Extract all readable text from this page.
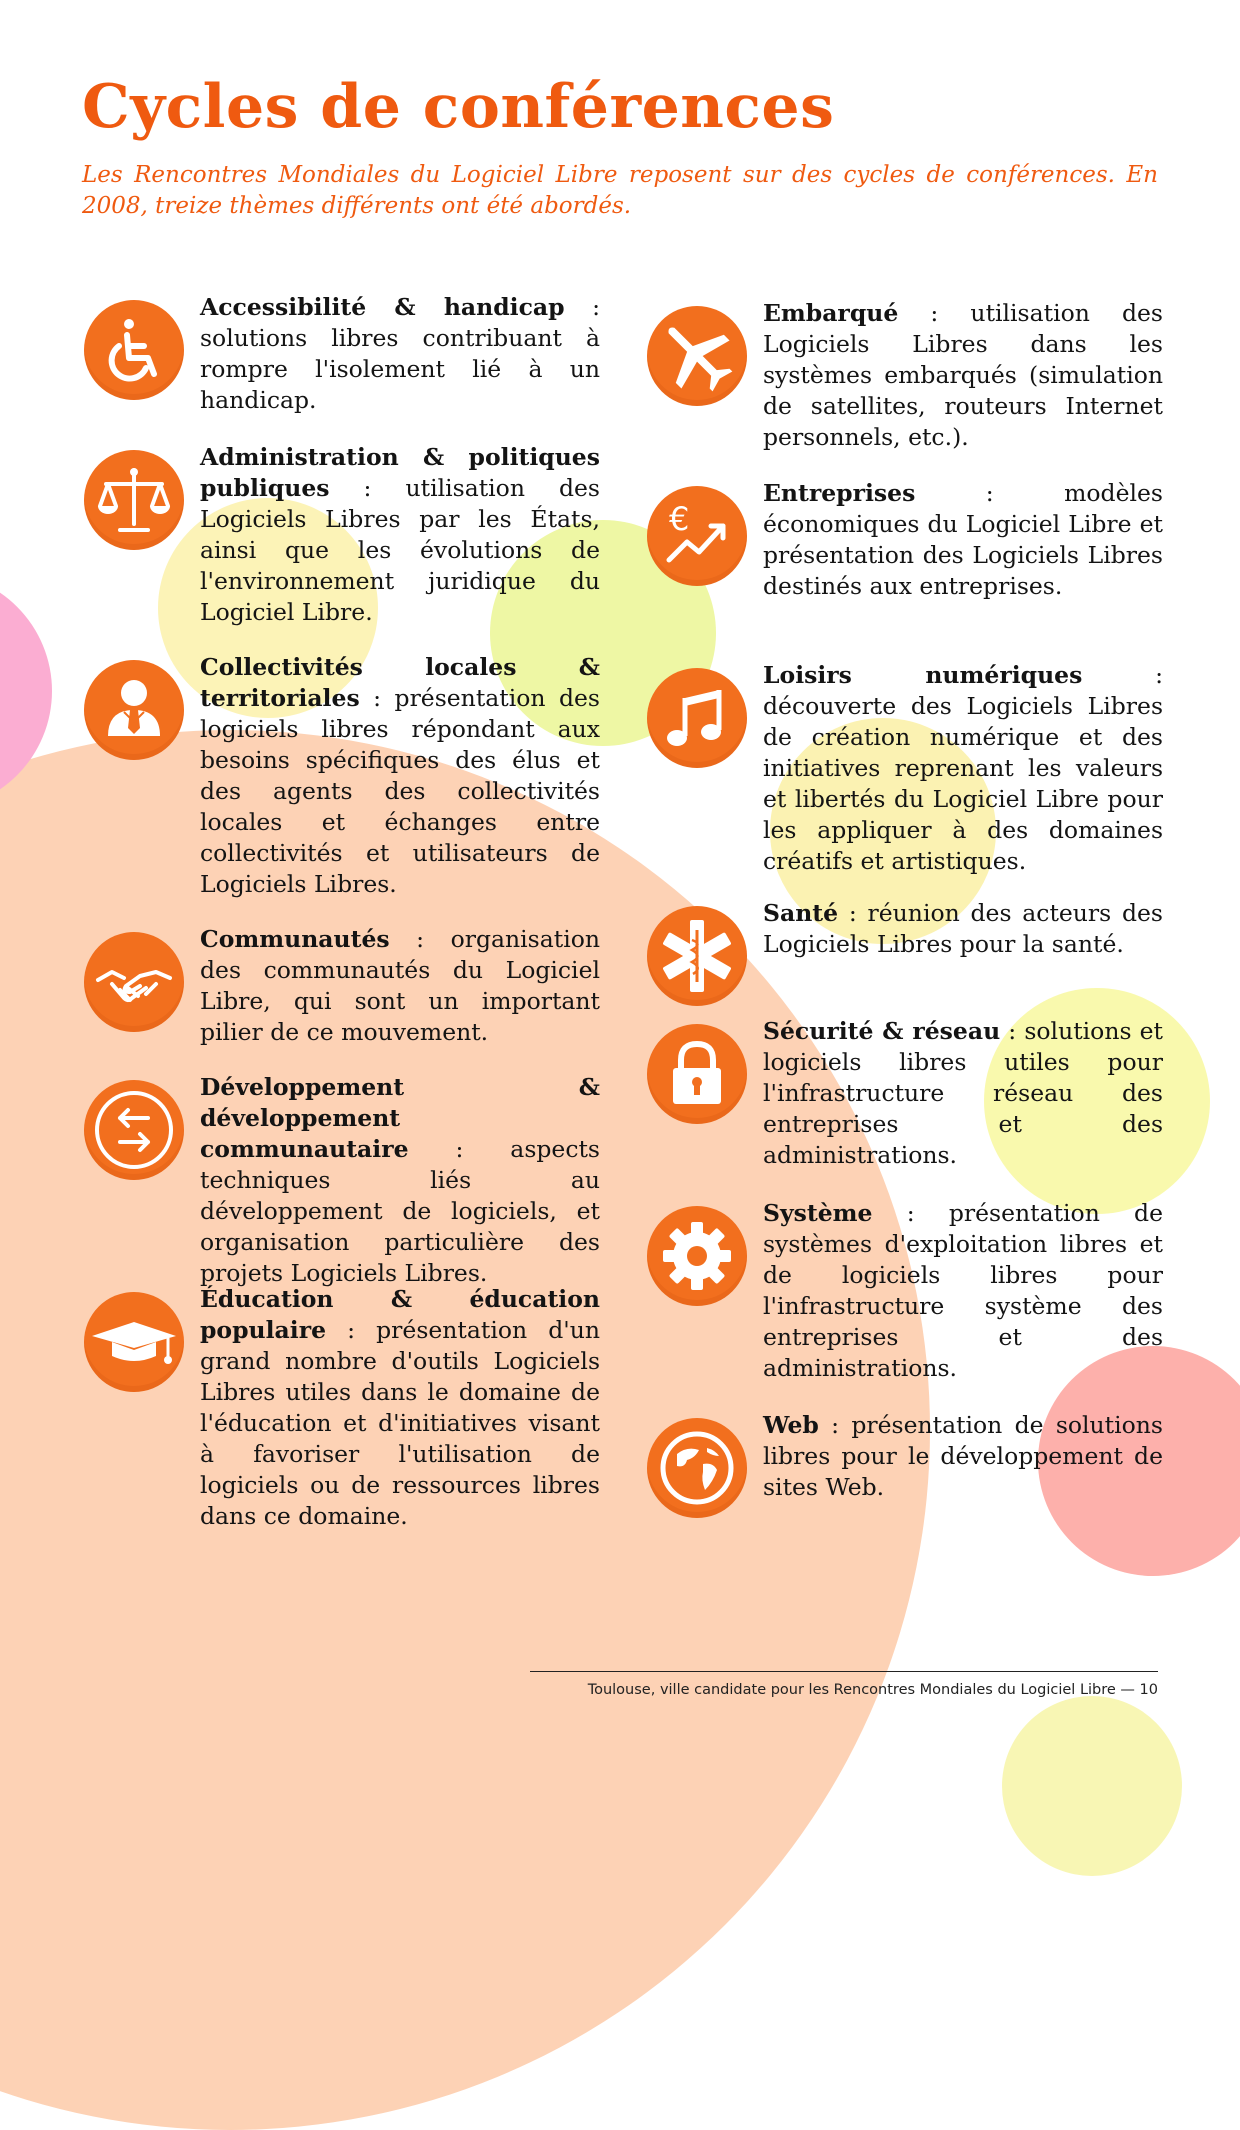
Cycles de conférences

Les Rencontres Mondiales du Logiciel Libre reposent sur des cycles de conférences. En 2008, treize thèmes différents ont été abordés.

Accessibilité & handicap : solutions libres contribuant à rompre l'isolement lié à un handicap.

Administration & politiques publiques : utilisation des Logiciels Libres par les États, ainsi que les évolutions de l'environnement juridique du Logiciel Libre.

Collectivités locales & territoriales : présentation des logiciels libres répondant aux besoins spécifiques des élus et des agents des collectivités locales et échanges entre collectivités et utilisateurs de Logiciels Libres.

Communautés : organisation des communautés du Logiciel Libre, qui sont un important pilier de ce mouvement.

Développement & développement communautaire : aspects techniques liés au développement de logiciels, et organisation particulière des projets Logiciels Libres.

Éducation & éducation populaire : présentation d'un grand nombre d'outils Logiciels Libres utiles dans le domaine de l'éducation et d'initiatives visant à favoriser l'utilisation de logiciels ou de ressources libres dans ce domaine.

Embarqué : utilisation des Logiciels Libres dans les systèmes embarqués (simulation de satellites, routeurs Internet personnels, etc.).

€

Entreprises : modèles économiques du Logiciel Libre et présentation des Logiciels Libres destinés aux entreprises.

Loisirs numériques : découverte des Logiciels Libres de création numérique et des initiatives reprenant les valeurs et libertés du Logiciel Libre pour les appliquer à des domaines créatifs et artistiques.

Santé : réunion des acteurs des Logiciels Libres pour la santé.

Sécurité & réseau : solutions et logiciels libres utiles pour l'infrastructure réseau des entreprises et des administrations.

Système : présentation de systèmes d'exploitation libres et de logiciels libres pour l'infrastructure système des entreprises et des administrations.

Web : présentation de solutions libres pour le développement de sites Web.

Toulouse, ville candidate pour les Rencontres Mondiales du Logiciel Libre — 10
